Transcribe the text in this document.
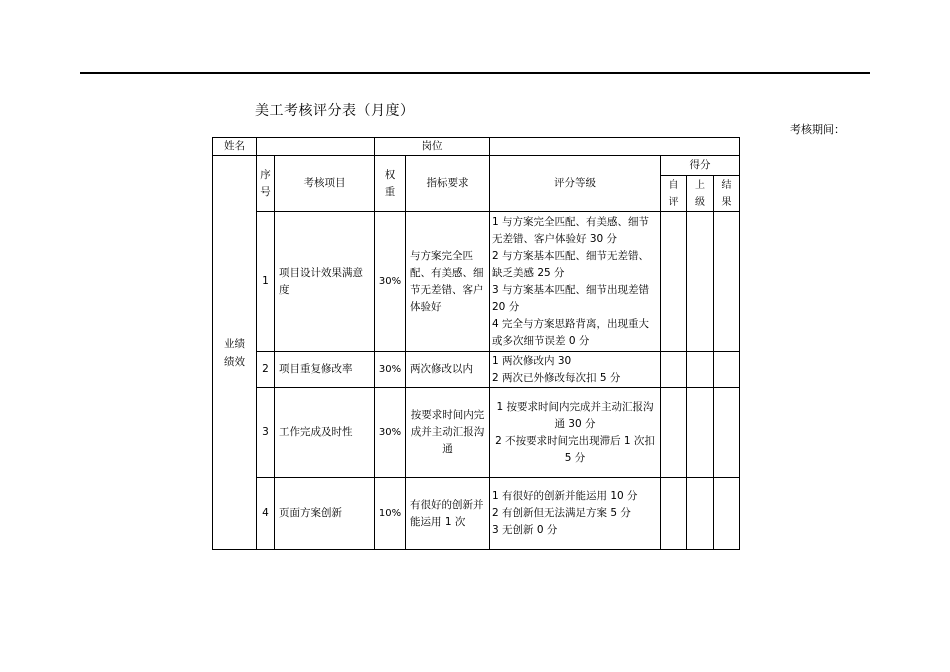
美工考核评分表（月度）
考核期间：
姓名			岗位					

业绩绩效	序号	考核项目	权重	指标要求	评分等级	得分		

						自评	上级	结果

	1	项目设计效果满意度	30%	与方案完全匹配、有美感、细节无差错、客户体验好	1 与方案完全匹配、有美感、细节无差错、客户体验好 30 分
2 与方案基本匹配、细节无差错、缺乏美感 25 分
3 与方案基本匹配、细节出现差错 20 分
4 完全与方案思路背离，出现重大或多次细节误差 0 分			

	2	项目重复修改率	30%	两次修改以内	1 两次修改内 30
2 两次已外修改每次扣 5 分			

	3	工作完成及时性	30%	按要求时间内完成并主动汇报沟通	1 按要求时间内完成并主动汇报沟通 30 分
2 不按要求时间完出现滞后 1 次扣 5 分			

	4	页面方案创新	10%	有很好的创新并能运用 1 次	1 有很好的创新并能运用 10 分
2 有创新但无法满足方案 5 分
3 无创新 0 分			
